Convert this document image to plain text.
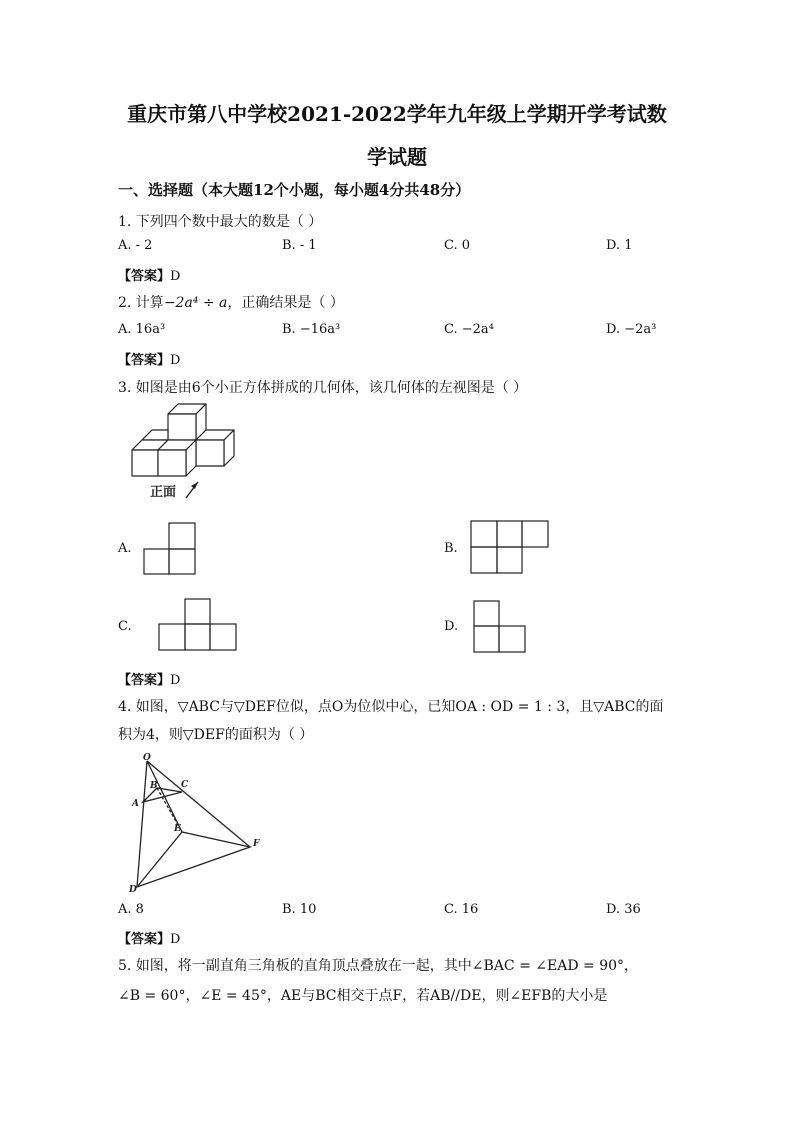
重庆市第八中学校2021-2022学年九年级上学期开学考试数
学试题
一、选择题（本大题12个小题，每小题4分共48分）
1. 下列四个数中最大的数是（ ）
A. - 2	B. - 1	C. 0	D. 1
【答案】D
2. 计算−2a⁴ ÷ a，正确结果是（ ）
A. 16a³	B. −16a³	C. −2a⁴	D. −2a³
【答案】D
3. 如图是由6个小正方体拼成的几何体，该几何体的左视图是（ ）
正面
A.	B.
C.	D.
【答案】D
4. 如图，▽ABC与▽DEF位似，点O为位似中心，已知OA : OD = 1 : 3，且▽ABC的面
积为4，则▽DEF的面积为（ ）
O
B	C
A
E
F
D
A. 8	B. 10	C. 16	D. 36
【答案】D
5. 如图，将一副直角三角板的直角顶点叠放在一起，其中∠BAC = ∠EAD = 90°，
∠B = 60°，∠E = 45°，AE与BC相交于点F，若AB//DE，则∠EFB的大小是
